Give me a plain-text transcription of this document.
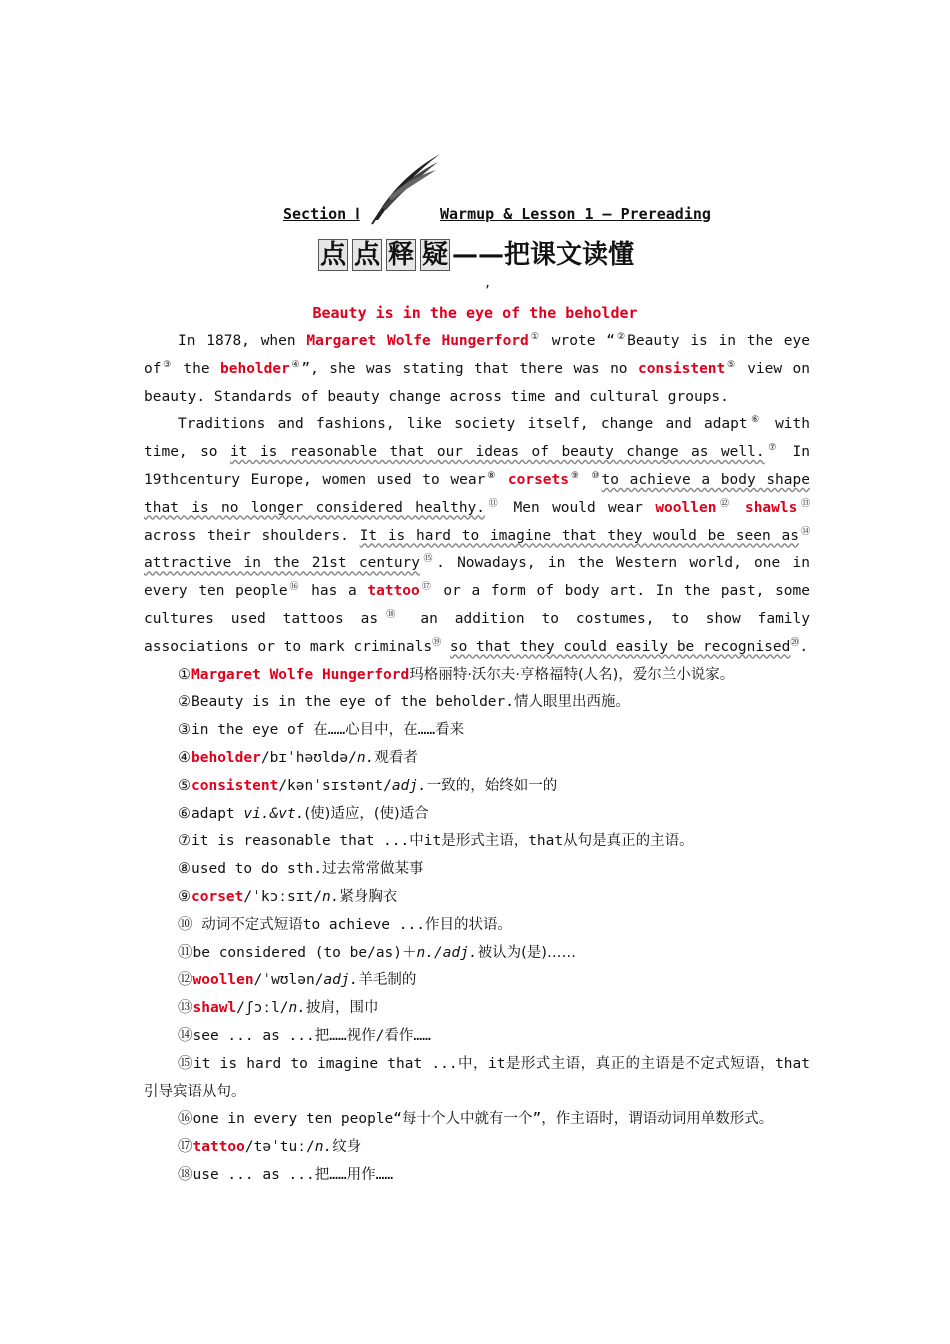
Section Ⅰ	Warmup & Lesson 1 — Prereading
点 点 释 疑 ——把课文读懂
,
Beauty is in the eye of the beholder

In 1878, when Margaret Wolfe Hungerford① wrote “②Beauty is in the eye of③ the beholder④”, she was stating that there was no consistent⑤ view on beauty. Standards of beauty change across time and cultural groups.

Traditions and fashions, like society itself, change and adapt⑥ with time, so it is reasonable that our ideas of beauty change as well.⑦ In 19thcentury Europe, women used to wear⑧ corsets⑨ ⑩to achieve a body shape that is no longer considered healthy.⑪ Men would wear woollen⑫ shawls⑬ across their shoulders. It is hard to imagine that they would be seen as⑭ attractive in the 21st century⑮. Nowadays, in the Western world, one in every ten people⑯ has a tattoo⑰ or a form of body art. In the past, some cultures used tattoos as⑱ an addition to costumes, to show family associations or to mark criminals⑲ so that they could easily be recognised⑳.

①Margaret Wolfe Hungerford玛格丽特·沃尔夫·亨格福特(人名)，爱尔兰小说家。

②Beauty is in the eye of the beholder.情人眼里出西施。

③in the eye of 在……心目中，在……看来

④beholder/bɪˈhəʊldə/n.观看者

⑤consistent/kənˈsɪstənt/adj.一致的，始终如一的

⑥adapt vi.&vt.(使)适应，(使)适合

⑦it is reasonable that ...中it是形式主语，that从句是真正的主语。

⑧used to do sth.过去常常做某事

⑨corset/ˈkɔːsɪt/n.紧身胸衣

⑩ 动词不定式短语to achieve ...作目的状语。

⑪be considered (to be/as)＋n./adj.被认为(是)……

⑫woollen/ˈwʊlən/adj.羊毛制的

⑬shawl/ʃɔːl/n.披肩，围巾

⑭see ... as ...把……视作/看作……

⑮it is hard to imagine that ...中，it是形式主语，真正的主语是不定式短语，that引导宾语从句。

⑯one in every ten people“每十个人中就有一个”，作主语时，谓语动词用单数形式。

⑰tattoo/təˈtuː/n.纹身

⑱use ... as ...把……用作……
